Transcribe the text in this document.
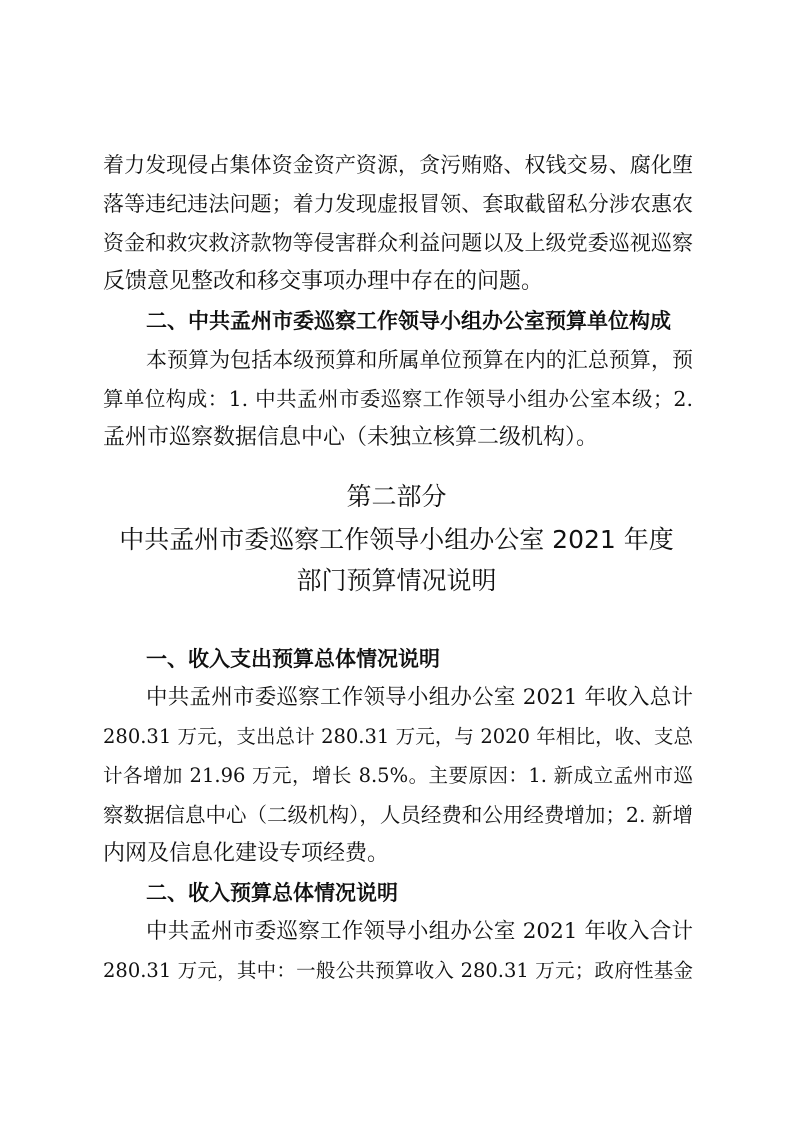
着力发现侵占集体资金资产资源，贪污贿赂、权钱交易、腐化堕
落等违纪违法问题；着力发现虚报冒领、套取截留私分涉农惠农
资金和救灾救济款物等侵害群众利益问题以及上级党委巡视巡察
反馈意见整改和移交事项办理中存在的问题。
二、中共孟州市委巡察工作领导小组办公室预算单位构成
本预算为包括本级预算和所属单位预算在内的汇总预算，预
算单位构成：1. 中共孟州市委巡察工作领导小组办公室本级；2.
孟州市巡察数据信息中心（未独立核算二级机构）。
第二部分
中共孟州市委巡察工作领导小组办公室 2021 年度
部门预算情况说明
一、收入支出预算总体情况说明
中共孟州市委巡察工作领导小组办公室 2021 年收入总计
280.31 万元，支出总计 280.31 万元，与 2020 年相比，收、支总
计各增加 21.96 万元，增长 8.5%。主要原因：1. 新成立孟州市巡
察数据信息中心（二级机构），人员经费和公用经费增加；2. 新增
内网及信息化建设专项经费。
二、收入预算总体情况说明
中共孟州市委巡察工作领导小组办公室 2021 年收入合计
280.31 万元，其中：一般公共预算收入 280.31 万元；政府性基金
